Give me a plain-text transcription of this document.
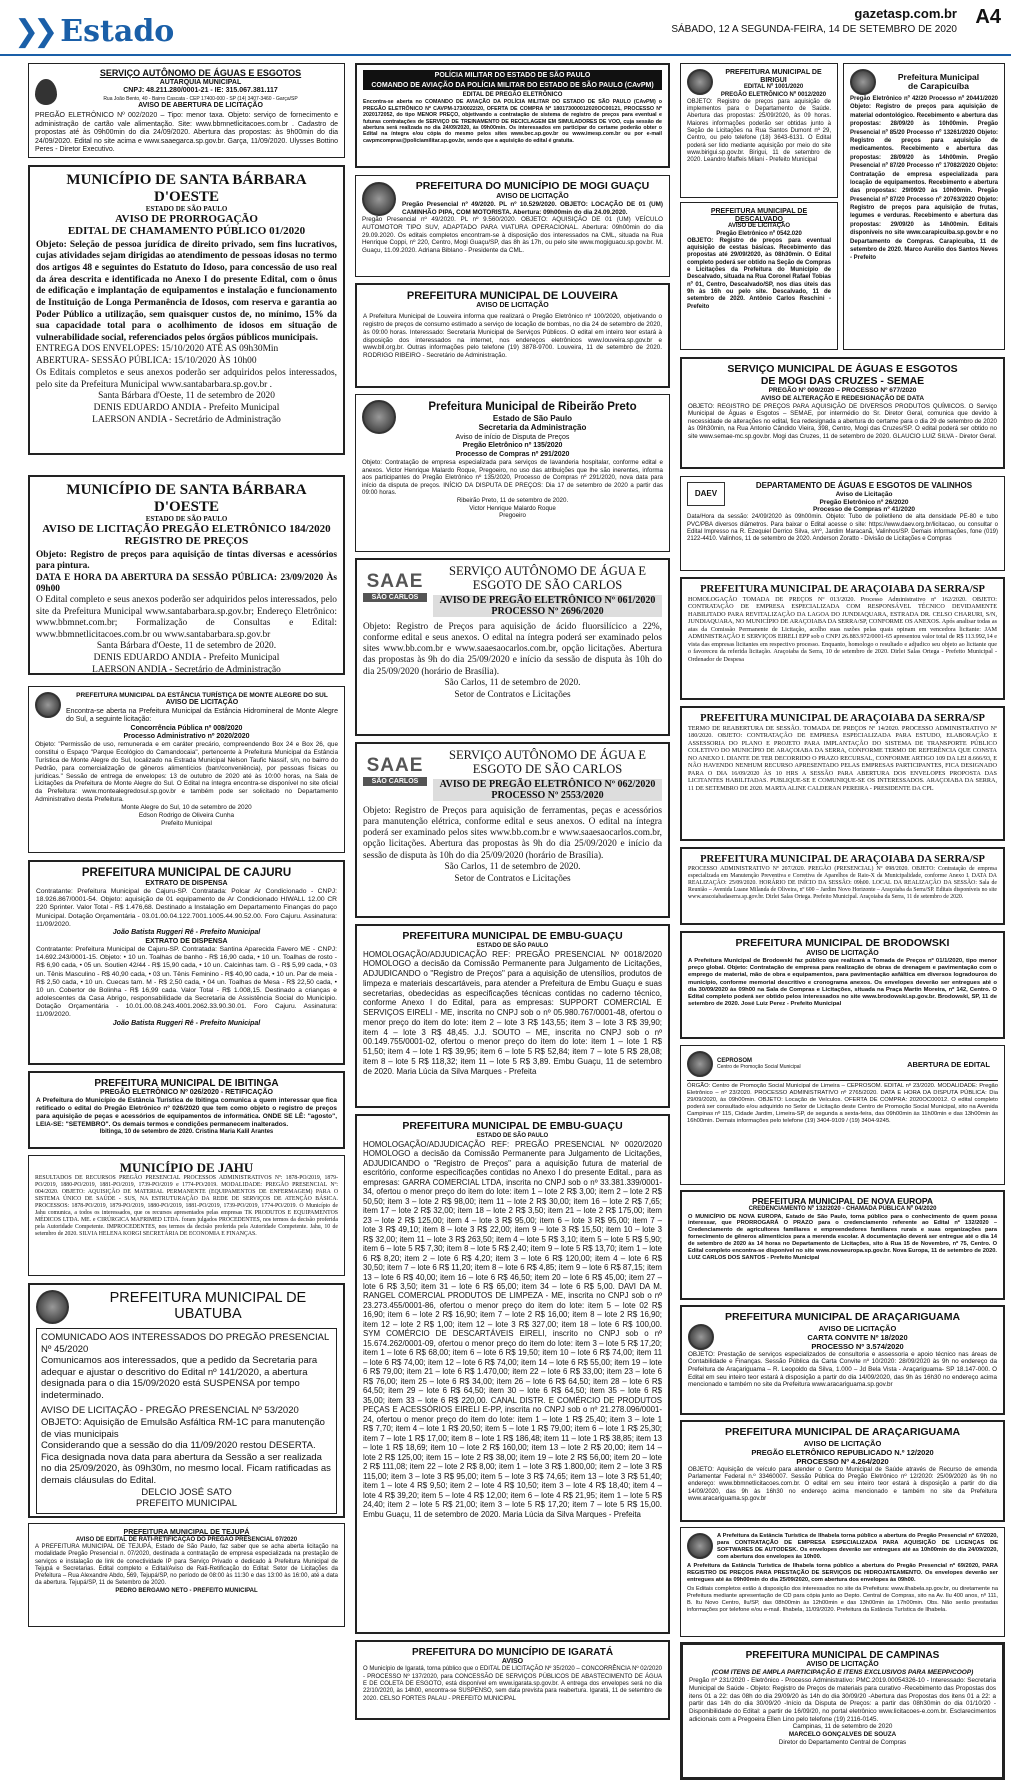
❯❯ Estado
gazetasp.com.br
SÁBADO, 12 A SEGUNDA-FEIRA, 14 DE SETEMBRO DE 2020
A4
SERVIÇO AUTÔNOMO DE ÁGUAS E ESGOTOS
AUTARQUIA MUNICIPAL
CNPJ: 48.211.280/0001-21 - IE: 315.067.381.117
Rua João Bento, 40 - Bairro Cascata - CEP 17400-000 - SP (14) 3407-3460 - Garça/SP
AVISO DE ABERTURA DE LICITAÇÃO
PREGÃO ELETRÔNICO Nº 002/2020 – Tipo: menor taxa. Objeto: serviço de fornecimento e administração de cartão vale alimentação. Site: www.bbmnetlicitacoes.com.br . Cadastro de propostas até às 09h00min do dia 24/09/2020. Abertura das propostas: às 9h00min do dia 24/09/2020. Edital no site acima e www.saaegarca.sp.gov.br. Garça, 11/09/2020. Ulysses Bottino Peres - Diretor Executivo.
MUNICÍPIO DE SANTA BÁRBARA D'OESTE
ESTADO DE SÃO PAULO
AVISO DE PRORROGAÇÃO
EDITAL DE CHAMAMENTO PÚBLICO 01/2020
Objeto: Seleção de pessoa jurídica de direito privado, sem fins lucrativos, cujas atividades sejam dirigidas ao atendimento de pessoas idosas no termo dos artigos 48 e seguintes do Estatuto do Idoso, para concessão de uso real da área descrita e identificada no Anexo I do presente Edital, com o ônus de edificação e implantação de equipamentos e instalação e funcionamento de Instituição de Longa Permanência de Idosos, com reserva e garantia ao Poder Público a utilização, sem quaisquer custos de, no mínimo, 15% da sua capacidade total para o acolhimento de idosos em situação de vulnerabilidade social, referenciados pelos órgãos públicos municipais.
ENTREGA DOS ENVELOPES: 15/10/2020 ATÉ AS 09h30Min
ABERTURA- SESSÃO PÚBLICA: 15/10/2020 ÀS 10h00
Os Editais completos e seus anexos poderão ser adquiridos pelos interessados, pelo site da Prefeitura Municipal www.santabarbara.sp.gov.br .
Santa Bárbara d'Oeste, 11 de setembro de 2020
DENIS EDUARDO ANDIA - Prefeito Municipal
LAERSON ANDIA - Secretário de Administração
MUNICÍPIO DE SANTA BÁRBARA D'OESTE
ESTADO DE SÃO PAULO
AVISO DE LICITAÇÃO PREGÃO ELETRÔNICO 184/2020
REGISTRO DE PREÇOS
Objeto: Registro de preços para aquisição de tintas diversas e acessórios para pintura.
DATA E HORA DA ABERTURA DA SESSÃO PÚBLICA: 23/09/2020 Às 09h00
O Edital completo e seus anexos poderão ser adquiridos pelos interessados, pelo site da Prefeitura Municipal www.santabarbara.sp.gov.br; Endereço Eletrônico: www.bbmnet.com.br; Formalização de Consultas e Edital: www.bbmnetlicitacoes.com.br ou www.santabarbara.sp.gov.br
Santa Bárbara d'Oeste, 11 de setembro de 2020.
DENIS EDUARDO ANDIA - Prefeito Municipal
LAERSON ANDIA - Secretário de Administração
PREFEITURA MUNICIPAL DA ESTÂNCIA TURÍSTICA DE MONTE ALEGRE DO SUL
AVISO DE LICITAÇÃO
Encontra-se aberta na Prefeitura Municipal da Estância Hidromineral de Monte Alegre do Sul, a seguinte licitação:
Concorrência Pública nº 008/2020
Processo Administrativo nº 2020/2020
Objeto: "Permissão de uso, remunerada e em caráter precário, compreendendo Box 24 e Box 26, que constitui o Espaço "Parque Ecológico do Camandocaia", pertencente à Prefeitura Municipal da Estância Turística de Monte Alegre do Sul, localizado na Estrada Municipal Nelson Taufic Nassif, s/n, no bairro do Pedrão, para comercialização de gêneros alimentícios (barr/conveniência), por pessoas físicas ou jurídicas." Sessão de entrega de envelopes: 13 de outubro de 2020 até às 10:00 horas, na Sala de Licitações da Prefeitura de Monte Alegre do Sul. O Edital na íntegra encontra-se disponível no site oficial da Prefeitura: www.montealegredosul.sp.gov.br e também pode ser solicitado no Departamento Administrativo desta Prefeitura.
Monte Alegre do Sul, 10 de setembro de 2020
Edson Rodrigo de Oliveira Cunha
Prefeito Municipal
PREFEITURA MUNICIPAL DE CAJURU
EXTRATO DE DISPENSA
Contratante: Prefeitura Municipal de Cajuru-SP. Contratada: Polcar Ar Condicionado - CNPJ: 18.926.867/0001-54. Objeto: aquisição de 01 equipamento de Ar Condicionado HIWALL 12.00 CR 220 Sprinter. Valor Total - R$ 1.476,68. Destinado a Instalação em Departamento Finanças do paço Municipal. Dotação Orçamentária - 03.01.00.04.122.7001.1005.44.90.52.00. Foro Cajuru. Assinatura: 11/09/2020.
João Batista Ruggeri Rê - Prefeito Municipal
EXTRATO DE DISPENSA
Contratante: Prefeitura Municipal de Cajuru-SP. Contratada: Santina Aparecida Favero ME - CNPJ: 14.692.243/0001-15. Objeto: • 10 un. Toalhas de banho - R$ 16,90 cada, • 10 un. Toalhas de rosto - R$ 6,90 cada, • 05 un. Soutien 42/44 - R$ 15,90 cada, • 10 un. Calcinhas tam. G - R$ 5,99 cada, • 03 un. Tênis Masculino - R$ 40,90 cada, • 03 un. Tênis Feminino - R$ 40,90 cada, • 10 un. Par de meia - R$ 2,50 cada, • 10 un. Cuecas tam. M - R$ 2,50 cada, • 04 un. Toalhas de Mesa - R$ 22,50 cada, • 10 un. Cobertor de Bolinha - R$ 16,99 cada. Valor Total - R$ 1.008,15. Destinado a crianças e adolescentes da Casa Abrigo, responsabilidade da Secretaria de Assistência Social do Município. Dotação Orçamentária - 10.01.00.08.243.4001.2062.33.90.30.01. Foro Cajuru. Assinatura: 11/09/2020.
João Batista Ruggeri Rê - Prefeito Municipal
PREFEITURA MUNICIPAL DE IBITINGA
PREGÃO ELETRÔNICO Nº 026/2020 - RETIFICAÇÃO
A Prefeitura do Município de Estância Turística de Ibitinga comunica a quem interessar que fica retificado o edital do Pregão Eletrônico nº 026/2020 que tem como objeto o registro de preços para aquisição de peças e acessórios de equipamentos de informática. ONDE SE LÊ: "agosto", LEIA-SE: "SETEMBRO". Os demais termos e condições permanecem inalterados.
Ibitinga, 10 de setembro de 2020. Cristina Maria Kalil Arantes
MUNICÍPIO DE JAHU
RESULTADOS DE RECURSOS PREGÃO PRESENCIAL PROCESSOS ADMINISTRATIVOS Nº: 1878-PO/2019, 1879-PO/2019, 1880-PO/2019, 1881-PO/2019, 1739-PO/2019 e 1774-PO/2019. MODALIDADE: PREGÃO PRESENCIAL Nº: 004/2020. OBJETO: AQUISIÇÃO DE MATERIAL PERMANENTE (EQUIPAMENTOS DE ENFERMAGEM) PARA O SISTEMA ÚNICO DE SAÚDE - SUS, NA ESTRUTURAÇÃO DA REDE DE SERVIÇOS DE ATENÇÃO BÁSICA. PROCESSOS: 1878-PO/2019, 1879-PO/2019, 1880-PO/2019, 1881-PO/2019, 1739-PO/2019, 1774-PO/2019. O Município de Jahu comunica, a todos os interessados, que os recursos apresentados pelas empresas TK PRODUTOS E EQUIPAMENTOS MÉDICOS LTDA. ME. e CIRÚRGICA MAFRIMED LTDA. foram julgados PROCEDENTES, nos termos da decisão proferida pela Autoridade Competente. IMPROCEDENTES, nos termos da decisão proferida pela Autoridade Competente. Jahu, 10 de setembro de 2020. SILVIA HELENA KORGI SECRETÁRIA DE ECONOMIA E FINANÇAS.
PREFEITURA MUNICIPAL DE UBATUBA
COMUNICADO AOS INTERESSADOS DO PREGÃO PRESENCIAL Nº 45/2020
Comunicamos aos interessados, que a pedido da Secretaria para adequar e ajustar o descritivo do Edital nº 141/2020, a abertura designada para o dia 15/09/2020 está SUSPENSA por tempo indeterminado.
AVISO DE LICITAÇÃO - PREGÃO PRESENCIAL Nº 53/2020
OBJETO: Aquisição de Emulsão Asfáltica RM-1C para manutenção de vias municipais
Considerando que a sessão do dia 11/09/2020 restou DESERTA. Fica designada nova data para abertura da Sessão a ser realizada no dia 25/09/2020, às 09h30m, no mesmo local. Ficam ratificadas as demais cláusulas do Edital.
DELCIO JOSÉ SATO
PREFEITO MUNICIPAL
PREFEITURA MUNICIPAL DE TEJUPÁ
AVISO DE EDITAL DE RATI-RETIFICAÇÃO DO PREGÃO PRESENCIAL 07/2020
A PREFEITURA MUNICIPAL DE TEJUPÁ, Estado de São Paulo, faz saber que se acha aberta licitação na modalidade Pregão Presencial n. 07/2020, destinada a contratação de empresa especializada na prestação de serviços e instalação de link de conectividade IP para Serviço Privado e dedicado à Prefeitura Municipal de Tejupá e Secretarias. Edital completo e Edital/Aviso de Rati-Retificação do Edital: Setor de Licitações da Prefeitura – Rua Alexandre Abdo, 569, Tejupá/SP, no período de 08:00 às 11:30 e das 13:00 às 16:00, até a data da abertura. Tejupá/SP, 11 de Setembro de 2020.
PEDRO BERGAMO NETO - PREFEITO MUNICIPAL
POLÍCIA MILITAR DO ESTADO DE SÃO PAULO
COMANDO DE AVIAÇÃO DA POLÍCIA MILITAR DO ESTADO DE SÃO PAULO (CAvPM)
EDITAL DE PREGÃO ELETRÔNICO
Encontra-se aberta no COMANDO DE AVIAÇÃO DA POLÍCIA MILITAR DO ESTADO DE SÃO PAULO (CAvPM) o PREGÃO ELETRÔNICO Nº CAVPM-173/0022/20, OFERTA DE COMPRA Nº 180173000012020OC00121, PROCESSO Nº 2020172052, do tipo MENOR PREÇO, objetivando a contratação de sistema de registro de preços para eventual e futuras contratações de SERVIÇO DE TREINAMENTO DE RECICLAGEM EM SIMULADORES DE VOO, cuja sessão de abertura será realizada no dia 24/09/2020, às 09h00min. Os interessados em participar do certame poderão obter o Edital na íntegra e/ou cópia do mesmo pelos sites www.bec.sp.gov.br ou www.imesp.com.br ou por e-mail cavpmcompras@policiamilitar.sp.gov.br, sendo que a aquisição do edital é gratuita.
PREFEITURA DO MUNICÍPIO DE MOGI GUAÇU
AVISO DE LICITAÇÃO
Pregão Presencial nº 49/2020. PL nº 10.529/2020. OBJETO: LOCAÇÃO DE 01 (UM) CAMINHÃO PIPA, COM MOTORISTA. Abertura: 09h00min do dia 24.09.2020.
Pregão Presencial nº 49/2020. PL nº 9.560/2020. OBJETO: AQUISIÇÃO DE 01 (UM) VEÍCULO AUTOMOTOR TIPO SUV, ADAPTADO PARA VIATURA OPERACIONAL. Abertura: 09h00min do dia 29.09.2020. Os editais completos encontram-se à disposição dos interessados na CML, situada na Rua Henrique Coppi, nº 220, Centro, Mogi Guaçu/SP, das 8h às 17h, ou pelo site www.mogiguacu.sp.gov.br. M. Guaçu, 11.09.2020. Adriana Biblano - Presidente da CML.
PREFEITURA MUNICIPAL DE LOUVEIRA
AVISO DE LICITAÇÃO
A Prefeitura Municipal de Louveira informa que realizará o Pregão Eletrônico nº 100/2020, objetivando o registro de preços de consumo estimado a serviço de locação de bombas, no dia 24 de setembro de 2020, às 09:00 horas. Interessado: Secretaria Municipal de Serviços Públicos. O edital em inteiro teor estará à disposição dos interessados na internet, nos endereços eletrônicos www.louveira.sp.gov.br e www.bll.org.br. Outras informações pelo telefone (19) 3878-9700. Louveira, 11 de setembro de 2020. RODRIGO RIBEIRO - Secretário de Administração.
Prefeitura Municipal de Ribeirão Preto
Estado de São Paulo
Secretaria da Administração
Aviso de início de Disputa de Preços
Pregão Eletrônico nº 135/2020
Processo de Compras nº 291/2020
Objeto: Contratação de empresa especializada para serviços de lavanderia hospitalar, conforme edital e anexos. Victor Henrique Malardo Roque, Pregoeiro, no uso das atribuições que lhe são inerentes, informa aos participantes do Pregão Eletrônico nº 135/2020, Processo de Compras nº 291/2020, nova data para início da disputa de preços. INÍCIO DA DISPUTA DE PREÇOS: Dia 17 de setembro de 2020 a partir das 09:00 horas.
Ribeirão Preto, 11 de setembro de 2020.
Victor Henrique Malardo Roque
Pregoeiro
SAAE
SÃO CARLOS
SERVIÇO AUTÔNOMO DE ÁGUA E ESGOTO DE SÃO CARLOS
AVISO DE PREGÃO ELETRÔNICO Nº 061/2020
PROCESSO Nº 2696/2020
Objeto: Registro de Preços para aquisição de ácido fluorsilícico a 22%, conforme edital e seus anexos. O edital na íntegra poderá ser examinado pelos sites www.bb.com.br e www.saaesaocarlos.com.br, opção licitações. Abertura das propostas às 9h do dia 25/09/2020 e início da sessão de disputa às 10h do dia 25/09/2020 (horário de Brasília).
São Carlos, 11 de setembro de 2020.
Setor de Contratos e Licitações
SAAE
SÃO CARLOS
SERVIÇO AUTÔNOMO DE ÁGUA E ESGOTO DE SÃO CARLOS
AVISO DE PREGÃO ELETRÔNICO Nº 062/2020
PROCESSO Nº 2553/2020
Objeto: Registro de Preços para aquisição de ferramentas, peças e acessórios para manutenção elétrica, conforme edital e seus anexos. O edital na íntegra poderá ser examinado pelos sites www.bb.com.br e www.saaesaocarlos.com.br, opção licitações. Abertura das propostas às 9h do dia 25/09/2020 e início da sessão de disputa às 10h do dia 25/09/2020 (horário de Brasília).
São Carlos, 11 de setembro de 2020.
Setor de Contratos e Licitações
PREFEITURA MUNICIPAL DE EMBU-GUAÇU
ESTADO DE SÃO PAULO
HOMOLOGAÇÃO/ADJUDICAÇÃO REF: PREGÃO PRESENCIAL Nº 0018/2020 HOMOLOGO a decisão da Comissão Permanente para Julgamento de Licitações, ADJUDICANDO o "Registro de Preços" para a aquisição de utensílios, produtos de limpeza e materiais descartáveis, para atender a Prefeitura de Embu Guaçu e suas secretarias, obedecidas as especificações técnicas contidas no caderno técnico, conforme Anexo I do Edital, para as empresas: SUPPORT COMERCIAL E SERVIÇOS EIRELI - ME, inscrita no CNPJ sob o nº 05.980.767/0001-48, ofertou o menor preço do item do lote: item 2 – lote 3 R$ 143,55; item 3 – lote 3 R$ 39,90; item 4 – lote 3 R$ 48,45. J.J. SOUTO – ME, inscrita no CNPJ sob o nº 00.149.755/0001-02, ofertou o menor preço do item do lote: item 1 – lote 1 R$ 51,50; item 4 – lote 1 R$ 39,95; item 6 – lote 5 R$ 52,84; item 7 – lote 5 R$ 28,08; item 8 – lote 5 R$ 118,32; item 11 – lote 5 R$ 3,89. Embu Guaçu, 11 de setembro de 2020. Maria Lúcia da Silva Marques - Prefeita
PREFEITURA MUNICIPAL DE EMBU-GUAÇU
ESTADO DE SÃO PAULO
HOMOLOGAÇÃO/ADJUDICAÇÃO REF: PREGÃO PRESENCIAL Nº 0020/2020 HOMOLOGO a decisão da Comissão Permanente para Julgamento de Licitações, ADJUDICANDO o "Registro de Preços" para a aquisição futura de material de escritório, conforme especificações contidas no Anexo I do presente Edital., para as empresas: GARRA COMERCIAL LTDA, inscrita no CNPJ sob o nº 33.381.339/0001-34, ofertou o menor preço do item do lote: item 1 – lote 2 R$ 3,00; item 2 – lote 2 R$ 50,50; item 3 – lote 2 R$ 98,00; item 11 – lote 2 R$ 30,00; item 16 – lote 2 R$ 7,65; item 17 – lote 2 R$ 32,00; item 18 – lote 2 R$ 3,50; item 21 – lote 2 R$ 175,00; item 23 – lote 2 R$ 125,00; item 4 – lote 3 R$ 95,00; item 6 – lote 3 R$ 95,00; item 7 – lote 3 R$ 49,10; item 8 – lote 3 R$ 22,00; item 9 – lote 3 R$ 15,50; item 10 – lote 3 R$ 32,00; item 11 – lote 3 R$ 263,50; item 4 – lote 5 R$ 3,10; item 5 – lote 5 R$ 5,90; item 6 – lote 5 R$ 7,30; item 8 – lote 5 R$ 2,40; item 9 – lote 5 R$ 13,70; item 1 – lote 6 R$ 8,20; item 2 – lote 6 R$ 4,20; item 3 – lote 6 R$ 120,00; item 4 – lote 6 R$ 30,50; item 7 – lote 6 R$ 11,20; item 8 – lote 6 R$ 4,85; item 9 – lote 6 R$ 87,15; item 13 – lote 6 R$ 40,00; item 16 – lote 6 R$ 46,50; item 20 – lote 6 R$ 45,00; item 27 – lote 6 R$ 3,50; item 31 – lote 6 R$ 65,00; item 34 – lote 6 R$ 5,00. DAVI DA M. RANGEL COMERCIAL PRODUTOS DE LIMPEZA - ME, inscrita no CNPJ sob o nº 23.273.455/0001-86, ofertou o menor preço do item do lote: item 5 – lote 02 R$ 16,90; item 6 – lote 2 R$ 16,90; item 7 – lote 2 R$ 16,00; item 8 – lote 2 R$ 16,90; item 12 – lote 2 R$ 1,00; item 12 – lote 3 R$ 327,00; item 18 – lote 6 R$ 100,00. SYM COMÉRCIO DE DESCARTÁVEIS EIRELI, inscrito no CNPJ sob o nº 15.674.262/0001-09, ofertou o menor preço do item do lote: item 3 – lote 5 R$ 17,20; item 1 – lote 6 R$ 68,00; item 6 – lote 6 R$ 19,50; item 10 – lote 6 R$ 74,00; item 11 – lote 6 R$ 74,00; item 12 – lote 6 R$ 74,00; item 14 – lote 6 R$ 55,00; item 19 – lote 6 R$ 79,00; item 21 – lote 6 R$ 1.470,00; item 22 – lote 6 R$ 33,00; item 23 – lote 6 R$ 76,00; item 25 – lote 6 R$ 34,00; item 26 – lote 6 R$ 64,50; item 28 – lote 6 R$ 64,50; item 29 – lote 6 R$ 64,50; item 30 – lote 6 R$ 64,50; item 35 – lote 6 R$ 35,00; item 33 – lote 6 R$ 220,00. CANAL DISTR. E COMÉRCIO DE PRODUTOS PEÇAS E ACESSÓRIOS EIRELI E-PP, inscrita no CNPJ sob o nº 21.278.096/0001-24, ofertou o menor preço do item do lote: item 1 – lote 1 R$ 25,40; item 3 – lote 1 R$ 7,70; item 4 – lote 1 R$ 20,50; item 5 – lote 1 R$ 79,00; item 6 – lote 1 R$ 25,30; item 7 – lote 1 R$ 17,00; item 8 – lote 1 R$ 186,48; item 11 – lote 1 R$ 38,85; item 13 – lote 1 R$ 18,69; item 10 – lote 2 R$ 160,00; item 13 – lote 2 R$ 20,00; item 14 – lote 2 R$ 125,00; item 15 – lote 2 R$ 38,00; item 19 – lote 2 R$ 56,00; item 20 – lote 2 R$ 111,08; item 22 – lote 2 R$ 8,00; item 1 – lote 3 R$ 1.800,00; item 2 – lote 3 R$ 115,00; item 3 – lote 3 R$ 95,00; item 5 – lote 3 R$ 74,65; item 13 – lote 3 R$ 51,40; item 1 – lote 4 R$ 9,50; item 2 – lote 4 R$ 10,50; item 3 – lote 4 R$ 18,40; item 4 – lote 4 R$ 39,20; item 5 – lote 4 R$ 12,00; item 6 – lote 4 R$ 21,95; item 1 – lote 5 R$ 24,40; item 2 – lote 5 R$ 21,00; item 3 – lote 5 R$ 17,20; item 7 – lote 5 R$ 15,00. Embu Guaçu, 11 de setembro de 2020. Maria Lúcia da Silva Marques - Prefeita
PREFEITURA DO MUNICÍPIO DE IGARATÁ
AVISO
O Município de Igaratá, torna público que o EDITAL DE LICITAÇÃO Nº 35/2020 – CONCORRÊNCIA Nº 02/2020 - PROCESSO Nº 137/2020, para CONCESSÃO DE SERVIÇOS PÚBLICOS DE ABASTECIMENTO DE ÁGUA E DE COLETA DE ESGOTO, está disponível em www.igarata.sp.gov.br. A entrega dos envelopes será no dia 22/10/2020, às 14h00, encontra-se SUSPENSO, sem data prevista para reabertura. Igaratá, 11 de setembro de 2020. CELSO FORTES PALAU - PREFEITO MUNICIPAL
PREFEITURA MUNICIPAL DE BIRIGUI
EDITAL Nº 1001/2020
PREGÃO ELETRÔNICO Nº 0012/2020
OBJETO: Registro de preços para aquisição de implementos para o Departamento de Saúde. Abertura das propostas: 25/09/2020, às 09 horas. Maiores informações poderão ser obtidas junto à Seção de Licitações na Rua Santos Dumont nº 29, Centro, ou pelo telefone (18) 3643-6131. O Edital poderá ser lido mediante aquisição por meio do site www.birigui.sp.gov.br. Birigui, 11 de setembro de 2020. Leandro Maffeis Milani - Prefeito Municipal
PREFEITURA MUNICIPAL DE DESCALVADO
AVISO DE LICITAÇÃO
Pregão Eletrônico nº 0542.020
OBJETO: Registro de preços para eventual aquisição de cestas básicas. Recebimento das propostas até 29/09/2020, às 08h30min. O Edital completo poderá ser obtido na Seção de Compras e Licitações da Prefeitura do Município de Descalvado, situada na Rua Coronel Rafael Tobias nº 01, Centro, Descalvado/SP, nos dias úteis das 9h às 16h ou pelo site. Descalvado, 11 de setembro de 2020. Antônio Carlos Reschini - Prefeito
Prefeitura Municipal
de Carapicuíba
Pregão Eletrônico nº 42/20 Processo nº 20441/2020 Objeto: Registro de preços para aquisição de material odontológico. Recebimento e abertura das propostas: 28/09/20 às 10h00min. Pregão Presencial nº 85/20 Processo nº 13261/2020 Objeto: Registro de preços para aquisição de medicamentos. Recebimento e abertura das propostas: 28/09/20 às 14h00min. Pregão Presencial nº 87/20 Processo nº 17082/2020 Objeto: Contratação de empresa especializada para locação de equipamentos. Recebimento e abertura das propostas: 29/09/20 às 10h00min. Pregão Presencial nº 87/20 Processo nº 20763/2020 Objeto: Registro de preços para aquisição de frutas, legumes e verduras. Recebimento e abertura das propostas: 29/09/20 às 14h00min. Editais disponíveis no site www.carapicuiba.sp.gov.br e no Departamento de Compras. Carapicuíba, 11 de setembro de 2020. Marco Aurélio dos Santos Neves - Prefeito
SERVIÇO MUNICIPAL DE ÁGUAS E ESGOTOS
DE MOGI DAS CRUZES - SEMAE
PREGÃO Nº 009/2020 – PROCESSO Nº 677/2020
AVISO DE ALTERAÇÃO E REDESIGNAÇÃO DE DATA
OBJETO: REGISTRO DE PREÇOS PARA AQUISIÇÃO DE DIVERSOS PRODUTOS QUÍMICOS. O Serviço Municipal de Águas e Esgotos – SEMAE, por intermédio do Sr. Diretor Geral, comunica que devido à necessidade de alterações no edital, fica redesignada a abertura do certame para o dia 29 de setembro de 2020 às 09h30min, na Rua Antonio Cândido Vieira, 398, Centro, Mogi das Cruzes/SP. O edital poderá ser obtido no site www.semae-mc.sp.gov.br. Mogi das Cruzes, 11 de setembro de 2020. GLAUCIO LUIZ SILVA - Diretor Geral.
DAEV
DEPARTAMENTO DE ÁGUAS E ESGOTOS DE VALINHOS
Aviso de Licitação
Pregão Eletrônico nº 26/2020
Processo de Compras nº 41/2020
Data/Hora da sessão: 24/09/2020 às 09h00min. Objeto: Tubo de polietileno de alta densidade PE-80 e tubo PVC/PBA diversos diâmetros. Para baixar o Edital acesse o site: https://www.daev.org.br/licitacao, ou consultar o Edital Impresso na R. Ezequiel Derrico Silva, s/nº, Jardim Maracanã, Valinhos/SP. Demais informações, fone (019) 2122-4410. Valinhos, 11 de setembro de 2020. Anderson Zoratto - Divisão de Licitações e Compras
PREFEITURA MUNICIPAL DE ARAÇOIABA DA SERRA/SP
HOMOLOGAÇÃO TOMADA DE PREÇOS Nº 013/2020. Processo Administrativo nº 162/2020. OBJETO: CONTRATAÇÃO DE EMPRESA ESPECIALIZADA COM RESPONSÁVEL TÉCNICO DEVIDAMENTE HABILITADO PARA REVITALIZAÇÃO DA LAGOA DO JUNDIAQUARA, ESTRADA DR. CELSO CHARURI, S/N, JUNDIAQUARA, NO MUNICÍPIO DE ARAÇOIABA DA SERRA/SP, CONFORME OS ANEXOS. Após analisar todas as atas da Comissão Permanente de Licitação, acolho suas razões pelas quais opinam em vencedora licitante: JAM ADMINISTRAÇÃO E SERVIÇOS EIRELI EPP sob o CNPJ 26.883.972/0001-65 apresentou valor total de R$ 113.992,14 e vista das empresas licitantes em respectivo processo. Enquanto, homologo o resultado e adjudico seu objeto ao licitante que o favoreceu da referida licitação. Araçoiaba da Serra, 10 de setembro de 2020. Dirlei Salas Ortega - Prefeito Municipal - Ordenador de Despesa
PREFEITURA MUNICIPAL DE ARAÇOIABA DA SERRA/SP
TERMO DE REABERTURA DE SESSÃO. TOMADA DE PREÇOS Nº 14/2020. PROCESSO ADMINISTRATIVO Nº 180/2020. OBJETO: CONTRATAÇÃO DE EMPRESA ESPECIALIZADA PARA ESTUDO, ELABORAÇÃO E ASSESSORIA DO PLANO E PROJETO PARA IMPLANTAÇÃO DO SISTEMA DE TRANSPORTE PÚBLICO COLETIVO DO MUNICÍPIO DE ARAÇOIABA DA SERRA, CONFORME TERMO DE REFERÊNCIA QUE CONSTA NO ANEXO I. DIANTE DE TER DECORRIDO O PRAZO RECURSAL, CONFORME ARTIGO 109 DA LEI 8.666/93, E NÃO HAVENDO NENHUM RECURSO APRESENTADO PELAS EMPRESAS PARTICIPANTES, FICA DESIGNADO PARA O DIA 16/09/2020 ÀS 10 HRS A SESSÃO PARA ABERTURA DOS ENVELOPES PROPOSTA DAS LICITANTES HABILITADAS. PUBLIQUE-SE E COMUNIQUE-SE OS INTERESSADOS. ARAÇOIABA DA SERRA, 11 DE SETEMBRO DE 2020. MARTA ALINE CALDERAN PEREIRA - PRESIDENTE DA CPL
PREFEITURA MUNICIPAL DE ARAÇOIABA DA SERRA/SP
PROCESSO ADMINISTRATIVO Nº 207/2020. PREGÃO (PRESENCIAL) Nº 098/2020. OBJETO: Contratação de empresa especializada em Manutenção Preventiva e Corretiva de Aparelhos de Raio-X da Municipalidade, conforme Anexo I. DATA DA REALIZAÇÃO: 25/09/2020. HORÁRIO DE INÍCIO DA SESSÃO: 09h00. LOCAL DA REALIZAÇÃO DA SESSÃO: Sala de Reunião – Avenida Luane Milanda de Oliveira, nº 600 – Jardim Novo Horizonte – Araçoiaba da Serra/SP. Editais disponíveis no site www.aracoiabadaserra.sp.gov.br. Dirlei Salas Ortega. Prefeito Municipal. Araçoiaba da Serra, 11 de setembro de 2020.
PREFEITURA MUNICIPAL DE BRODOWSKI
AVISO DE LICITAÇÃO
A Prefeitura Municipal de Brodowski faz público que realizará a Tomada de Preços nº 01/1/2020, tipo menor preço global. Objeto: Contratação de empresa para realização de obras de drenagem e pavimentação com o emprego de material, mão de obra e equipamentos, para pavimentação asfáltica em diversos logradouros do município, conforme memorial descritivo e cronograma anexos. Os envelopes deverão ser entregues até o dia 30/09/2020 às 09h00 na Sala de Compras e Licitações, situada na Praça Martin Moreira, nº 142, Centro. O Edital completo poderá ser obtido pelos interessados no site www.brodowski.sp.gov.br. Brodowski, SP, 11 de setembro de 2020. José Luiz Perez - Prefeito Municipal
CEPROSOM
Centro de Promoção Social Municipal	ABERTURA DE EDITAL
ÓRGÃO: Centro de Promoção Social Municipal de Limeira – CEPROSOM. EDITAL nº 23/2020. MODALIDADE: Pregão Eletrônico – nº 23/2020. PROCESSO ADMINISTRATIVO nº 2765/2020. DATA E HORA DA DISPUTA PÚBLICA: Dia 29/09/2020, às 09h00min. OBJETO: Locação de Veículos. OFERTA DE COMPRA: 2020OC00012. O edital completo poderá ser consultado e/ou adquirido no Setor de Licitação deste Centro de Promoção Social Municipal, sito na Avenida Campinas nº 115, Cidade Jardim, Limeira-SP, de segunda a sexta-feira, das 09h00min às 11h00min e das 13h00min às 16h00min. Demais informações pelo telefone (19) 3404-9109 / (19) 3404-9245.
PREFEITURA MUNICIPAL DE NOVA EUROPA
CREDENCIAMENTO Nº 132/2020 - CHAMADA PÚBLICA Nº 04/2020
O MUNICÍPIO DE NOVA EUROPA, Estado de São Paulo, torna público para o conhecimento de quem possa interessar, que PRORROGARÁ O PRAZO para o credenciamento referente ao Edital nº 132/2020 – Credenciamento de agricultores familiares e empreendedores familiares rurais e suas organizações para fornecimento de gêneros alimentícios para a merenda escolar. A documentação deverá ser entregue até o dia 14 de setembro de 2020 às 14 horas no Departamento de Licitações, sito à Rua 15 de Novembro, nº 75, Centro. O Edital completo encontra-se disponível no site www.novaeuropa.sp.gov.br. Nova Europa, 11 de setembro de 2020. LUIZ CARLOS DOS SANTOS - Prefeito Municipal
PREFEITURA MUNICIPAL DE ARAÇARIGUAMA
AVISO DE LICITAÇÃO
CARTA CONVITE Nº 18/2020
PROCESSO Nº 3.574/2020
OBJETO: Prestação de serviços especializados de consultoria e assessoria e apoio técnico nas áreas de Contabilidade e Finanças. Sessão Pública da Carta Convite nº 10/2020: 28/09/2020 às 9h no endereço da Prefeitura de Araçariguama – R. Leopoldo da Silva, 1.000 – Jd Bela Vista - Araçariguama- SP 18.147-000. O Edital em seu inteiro teor estará à disposição a partir do dia 14/09/2020, das 9h às 16h30 no endereço acima mencionado e também no site da Prefeitura www.aracariguama.sp.gov.br
PREFEITURA MUNICIPAL DE ARAÇARIGUAMA
AVISO DE LICITAÇÃO
PREGÃO ELETRÔNICO REPUBLICADO N.º 12/2020
PROCESSO Nº 4.264/2020
OBJETO: Aquisição de veículo para atender o Centro Municipal de Saúde através de Recurso de emenda Parlamentar Federal n.º 33460007. Sessão Pública do Pregão Eletrônico nº 12/2020: 25/09/2020 às 9h no endereço: www.bbmnetlicitacoes.com.br. O edital em seu inteiro teor estará à disposição a partir do dia 14/09/2020, das 9h às 16h30 no endereço acima mencionado e também no site da Prefeitura www.aracariguama.sp.gov.br
A Prefeitura da Estância Turística de Ilhabela torna público a abertura do Pregão Presencial nº 67/2020, para CONTRATAÇÃO DE EMPRESA ESPECIALIZADA PARA AQUISIÇÃO DE LICENÇAS DE SOFTWARES DE AUTODESK. Os envelopes deverão ser entregues até as 10h00min do dia 24/09/2020, com abertura dos envelopes às 10h00.
A Prefeitura da Estância Turística de Ilhabela torna público a abertura do Pregão Presencial nº 69/2020, PARA REGISTRO DE PREÇOS PARA PRESTAÇÃO DE SERVIÇOS DE HIDROJATEAMENTO. Os envelopes deverão ser entregues até às 09h00min do dia 25/09/2020, com abertura dos envelopes às 09h00.
Os Editais completos estão à disposição dos interessados no site da Prefeitura: www.ilhabela.sp.gov.br, ou diretamente na Prefeitura mediante apresentação de CD para cópia junto ao Depto. Central de Compras, sito na Av. Ilu 400 anos, nº 111, B. Itu Novo Centro, Ilu/SP, das 08h00min às 12h00min e das 13h00min às 17h00min. Obs. Não serão prestadas informações por telefone e/ou e-mail. Ilhabela, 11/09/2020. Prefeitura da Estância Turística de Ilhabela.
PREFEITURA MUNICIPAL DE CAMPINAS
AVISO DE LICITAÇÃO
(COM ITENS DE AMPLA PARTICIPAÇÃO E ITENS EXCLUSIVOS PARA MEEPP/COOP)
Pregão nº 231/2020 - Eletrônico - Processo Administrativo: PMC.2019.00054326-10 - Interessado: Secretaria Municipal de Saúde - Objeto: Registro de Preços de materiais para curativo -Recebimento das Propostas dos itens 01 a 22: das 08h do dia 29/09/20 às 14h do dia 30/09/20 -Abertura das Propostas dos itens 01 a 22: a partir das 14h do dia 30/09/20 -Início da Disputa de Preços: a partir das 08h30min do dia 01/10/20 -Disponibilidade do Edital: a partir de 16/09/20, no portal eletrônico www.licitacoes-e.com.br. Esclarecimentos adicionais com a Pregoeira Ellen Lino pelo telefone (19) 2116-0145.
Campinas, 11 de setembro de 2020
MARCELO GONÇALVES DE SOUZA
Diretor do Departamento Central de Compras
